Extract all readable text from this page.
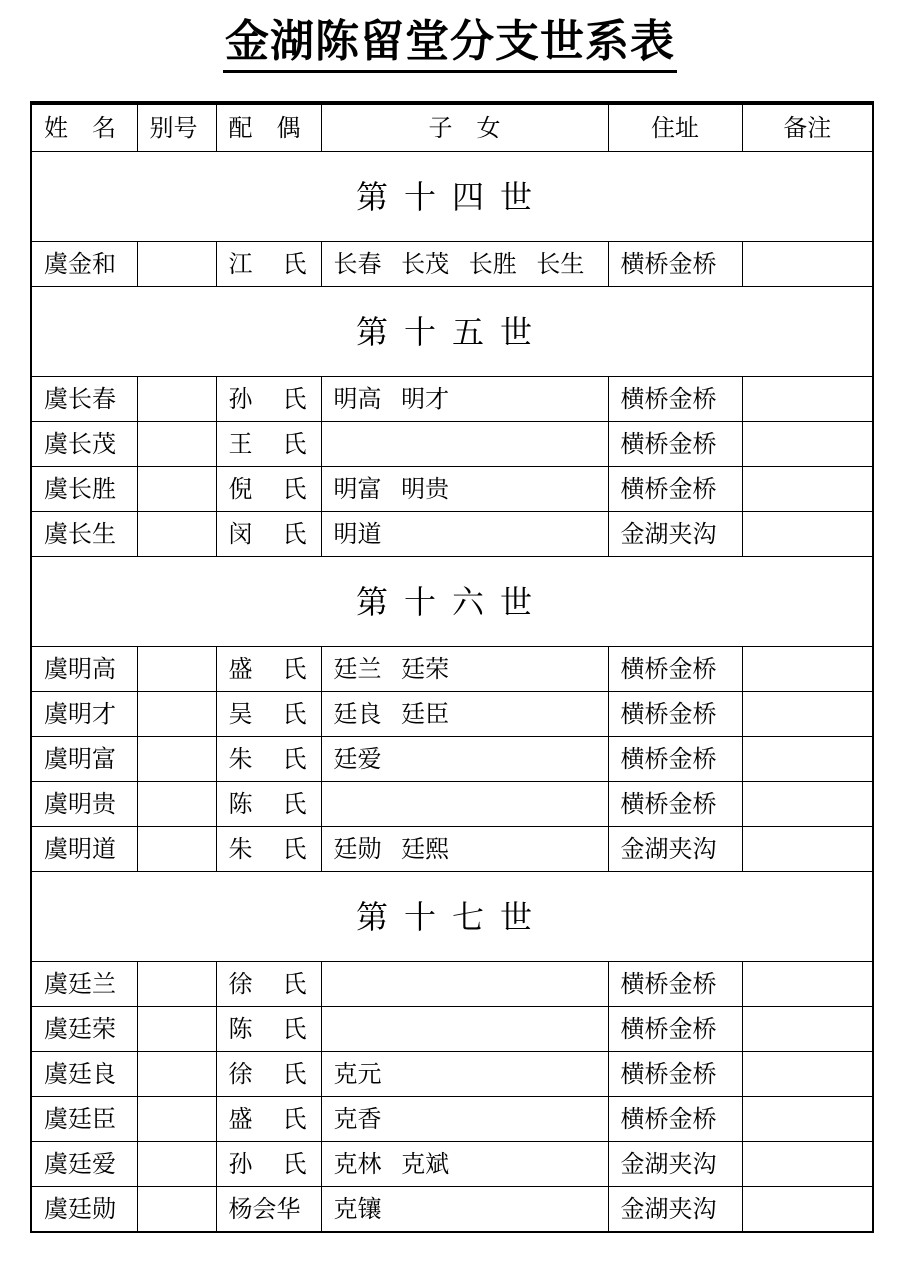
金湖陈留堂分支世系表
姓　名	别号	配　偶	子　女	住址	备注
第十四世					
虞金和		江 氏	长春 长茂 长胜 长生	横桥金桥	
第十五世					
虞长春		孙 氏	明高 明才	横桥金桥	
虞长茂		王 氏		横桥金桥	
虞长胜		倪 氏	明富 明贵	横桥金桥	
虞长生		闵 氏	明道	金湖夹沟	
第十六世					
虞明高		盛 氏	廷兰 廷荣	横桥金桥	
虞明才		吴 氏	廷良 廷臣	横桥金桥	
虞明富		朱 氏	廷爱	横桥金桥	
虞明贵		陈 氏		横桥金桥	
虞明道		朱 氏	廷勋 廷熙	金湖夹沟	
第十七世					
虞廷兰		徐 氏		横桥金桥	
虞廷荣		陈 氏		横桥金桥	
虞廷良		徐 氏	克元	横桥金桥	
虞廷臣		盛 氏	克香	横桥金桥	
虞廷爱		孙 氏	克林 克斌	金湖夹沟	
虞廷勋		杨会华	克镶	金湖夹沟	
